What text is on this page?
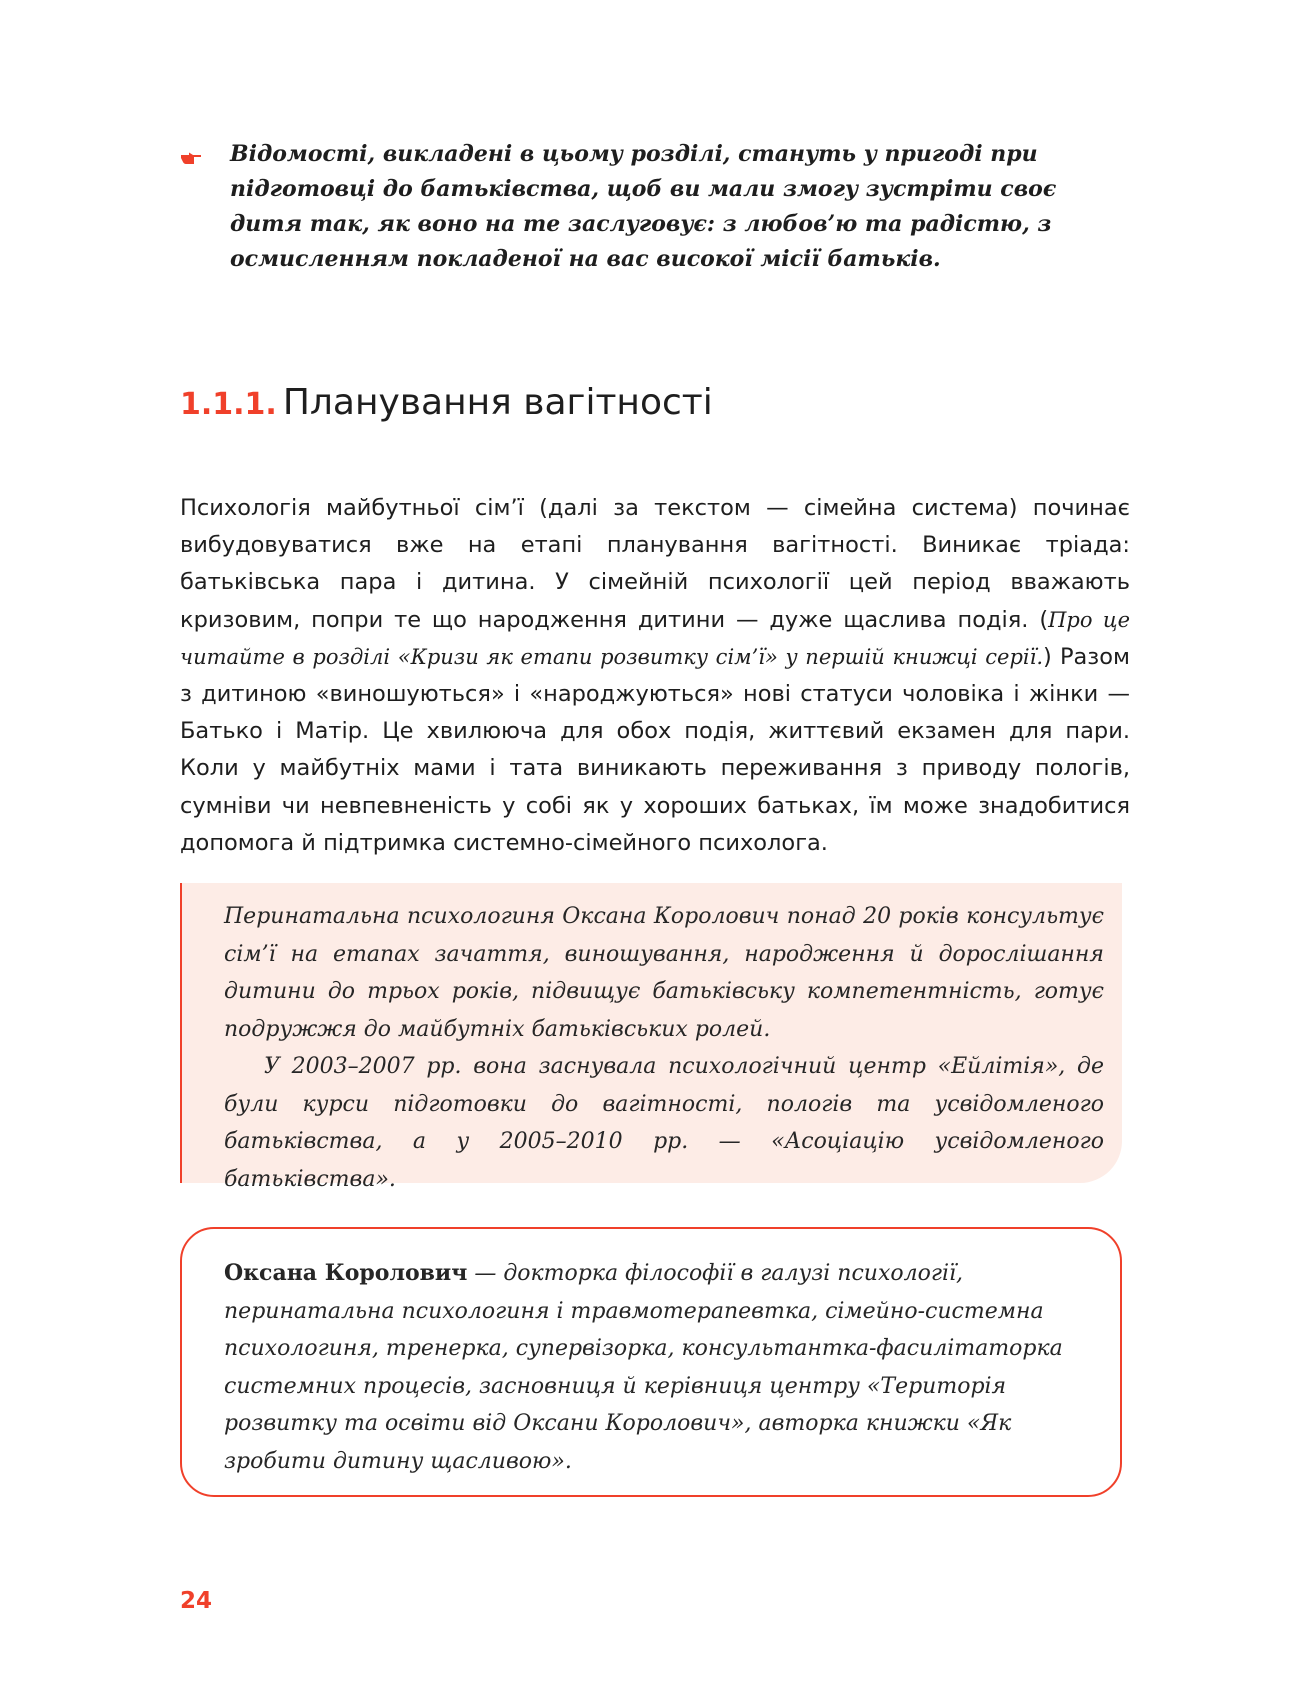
Відомості, викладені в цьому розділі, стануть у пригоді при підготовці до батьківства, щоб ви мали змогу зустріти своє дитя так, як воно на те заслуговує: з любов’ю та радістю, з осмисленням покладеної на вас високої місії батьків.

1.1.1. Планування вагітності

Психологія майбутньої сім’ї (далі за текстом — сімейна система) починає вибудовуватися вже на етапі планування вагітності. Виникає тріада: батьківська пара і дитина. У сімейній психології цей період вважають кризовим, попри те що народження дитини — дуже щаслива подія. (Про це читайте в розділі «Кризи як етапи розвитку сім’ї» у першій книжці серії.) Разом з дитиною «виношуються» і «народжуються» нові статуси чоловіка і жінки — Батько і Матір. Це хвилююча для обох подія, життєвий екзамен для пари. Коли у майбутніх мами і тата виникають переживання з приводу пологів, сумніви чи невпевненість у собі як у хороших батьках, їм може знадобитися допомога й підтримка системно-сімейного психолога.

Перинатальна психологиня Оксана Королович понад 20 років консультує сім’ї на етапах зачаття, виношування, народження й дорослішання дитини до трьох років, підвищує батьківську компетентність, готує подружжя до майбутніх батьківських ролей.

У 2003–2007 рр. вона заснувала психологічний центр «Ейлітія», де були курси підготовки до вагітності, пологів та усвідомленого батьківства, а у 2005–2010 рр. — «Асоціацію усвідомленого батьківства».

Оксана Королович — докторка філософії в галузі психології, перинатальна психологиня і травмотерапевтка, сімейно-системна психологиня, тренерка, супервізорка, консультантка-фасилітаторка системних процесів, засновниця й керівниця центру «Територія розвитку та освіти від Оксани Королович», авторка книжки «Як зробити дитину щасливою».

24
